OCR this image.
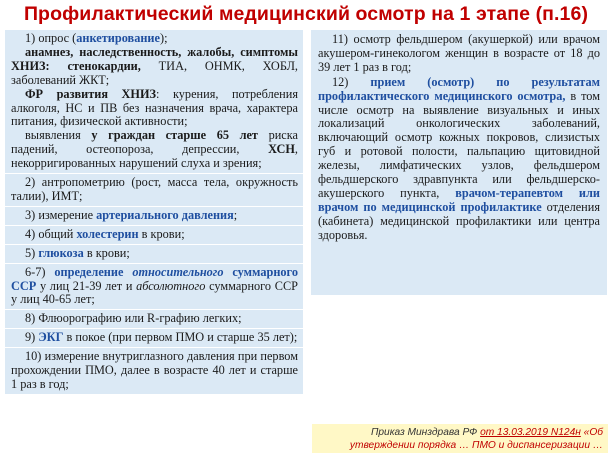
Профилактический медицинский осмотр на 1 этапе (п.16)
1) опрос (анкетирование);
анамнез, наследственность, жалобы, симптомы ХНИЗ: стенокардии, ТИА, ОНМК, ХОБЛ, заболеваний ЖКТ;
ФР развития ХНИЗ: курения, потребления алкоголя, НС и ПВ без назначения врача, характера питания, физической активности;
выявления у граждан старше 65 лет риска падений, остеопороза, депрессии, ХСН, некорригированных нарушений слуха и зрения;
2) антропометрию (рост, масса тела, окружность талии), ИМТ;
3) измерение артериального давления;
4) общий холестерин в крови;
5) глюкоза в крови;
6-7) определение относительного суммарного ССР у лиц 21-39 лет и абсолютного суммарного ССР у лиц 40-65 лет;
8) Флюорографию или R-графию легких;
9) ЭКГ в покое (при первом ПМО и старше 35 лет);
10) измерение внутриглазного давления при первом прохождении ПМО, далее в возрасте 40 лет и старше 1 раз в год;

11) осмотр фельдшером (акушеркой) или врачом акушером-гинекологом женщин в возрасте от 18 до 39 лет 1 раз в год;

12) прием (осмотр) по результатам профилактического медицинского осмотра, в том числе осмотр на выявление визуальных и иных локализаций онкологических заболеваний, включающий осмотр кожных покровов, слизистых губ и ротовой полости, пальпацию щитовидной железы, лимфатических узлов, фельдшером фельдшерского здравпункта или фельдшерско-акушерского пункта, врачом-терапевтом или врачом по медицинской профилактике отделения (кабинета) медицинской профилактики или центра здоровья.

Приказ Минздрава РФ от 13.03.2019 N124н «Об утверждении порядка … ПМО и диспансеризации …
